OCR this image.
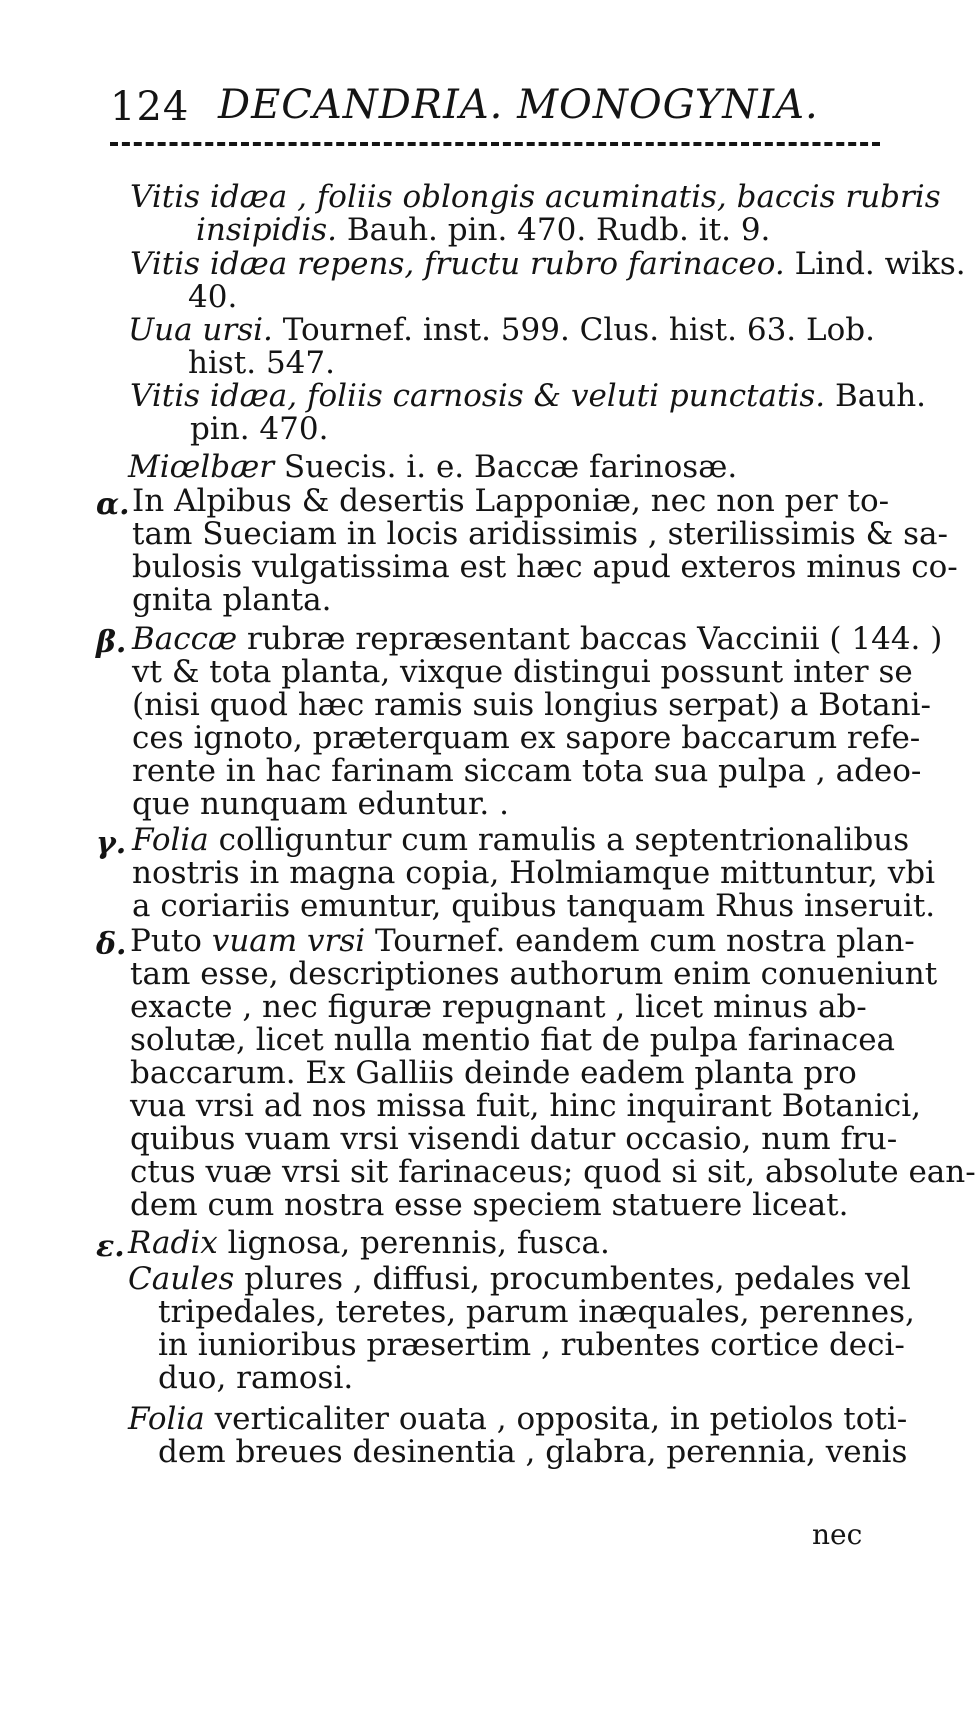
124 DECANDRIA. MONOGYNIA.
Vitis idæa , foliis oblongis acuminatis, baccis rubris
insipidis. Bauh. pin. 470. Rudb. it. 9.
Vitis idæa repens, fructu rubro farinaceo. Lind. wiks.
40.
Uua ursi. Tournef. inst. 599. Clus. hist. 63. Lob.
hist. 547.
Vitis idæa, foliis carnosis & veluti punctatis. Bauh.
pin. 470.
Miœlbær Suecis. i. e. Baccæ farinosæ.
α. In Alpibus & desertis Lapponiæ, nec non per to-
tam Sueciam in locis aridissimis , sterilissimis & sa-
bulosis vulgatissima est hæc apud exteros minus co-
gnita planta.
β. Baccæ rubræ repræsentant baccas Vaccinii ( 144. )
vt & tota planta, vixque distingui possunt inter se
(nisi quod hæc ramis suis longius serpat) a Botani-
ces ignoto, præterquam ex sapore baccarum refe-
rente in hac farinam siccam tota sua pulpa , adeo-
que nunquam eduntur. .
γ. Folia colliguntur cum ramulis a septentrionalibus
nostris in magna copia, Holmiamque mittuntur, vbi
a coriariis emuntur, quibus tanquam Rhus inseruit.
δ. Puto vuam vrsi Tournef. eandem cum nostra plan-
tam esse, descriptiones authorum enim conueniunt
exacte , nec figuræ repugnant , licet minus ab-
solutæ, licet nulla mentio fiat de pulpa farinacea
baccarum. Ex Galliis deinde eadem planta pro
vua vrsi ad nos missa fuit, hinc inquirant Botanici,
quibus vuam vrsi visendi datur occasio, num fru-
ctus vuæ vrsi sit farinaceus; quod si sit, absolute ean-
dem cum nostra esse speciem statuere liceat.
ε. Radix lignosa, perennis, fusca.
Caules plures , diffusi, procumbentes, pedales vel
tripedales, teretes, parum inæquales, perennes,
in iunioribus præsertim , rubentes cortice deci-
duo, ramosi.
Folia verticaliter ouata , opposita, in petiolos toti-
dem breues desinentia , glabra, perennia, venis
nec
